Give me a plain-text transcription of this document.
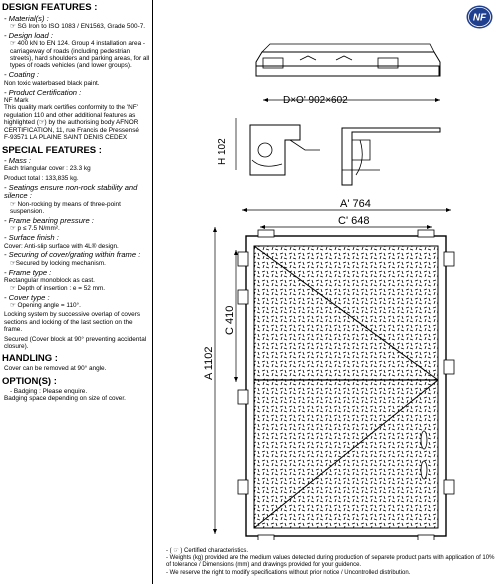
DESIGN FEATURES :
- Material(s) :
☞ SG Iron to ISO 1083 / EN1563, Grade 500-7.
- Design load :
☞ 400 kN to EN 124. Group 4 installation area - carriageway of roads (including pedestrian streets), hard shoulders and parking areas, for all types of roads vehicles (and lower groups).
- Coating :
Non toxic waterbased black paint.
- Product Certification :
NF Mark
This quality mark certifies conformity to the 'NF' regulation 110 and other additional features as highlighted (☞) by the authorising body AFNOR CERTIFICATION, 11, rue Francis de Pressensé
F-93571 LA PLAINE SAINT DENIS CEDEX
SPECIAL FEATURES :
- Mass :
Each triangular cover : 23.3 kg
Product total : 133,835 kg.
- Seatings ensure non-rock stability and silence :
☞ Non-rocking by means of three-point suspension.
- Frame bearing pressure :
☞ p ≤ 7.5 N/mm².
- Surface finish :
Cover: Anti-slip surface with 4L® design.
- Securing of cover/grating within frame :
☞Secured by locking mechanism.
- Frame type :
Rectangular monoblock as cast.
☞ Depth of insertion : e = 52 mm.
- Cover type :
☞ Opening angle = 110°.
Locking system by successive overlap of covers sections and locking of the last section on the frame.
Secured (Cover block at 90° preventing accidental closure).
HANDLING :
Cover can be removed at 90° angle.
OPTION(S) :
- Badging : Please enquire.
Badging space depending on size of cover.
NF
D×O' 902×602
H 102
A' 764
C' 648
A 1102
C 410
- ( ☞ ) Certified characteristics.
- Weights (kg) provided are the medium values detected during production of separete product parts with application of 10% of tolerance / Dimensions (mm) and drawings provided for your guidence.
- We reserve the right to modify specifications without prior notice / Uncontrolled distribution.
